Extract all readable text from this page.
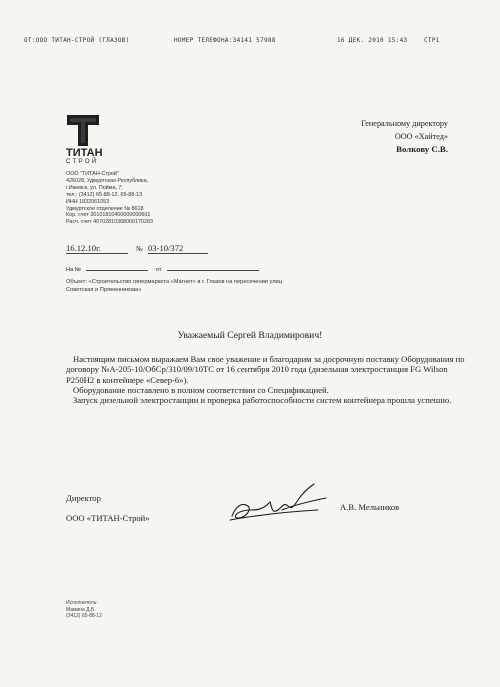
ОТ:ООО ТИТАН-СТРОЙ (ГЛАЗОВ)	НОМЕР ТЕЛЕФОНА:34141 57988	16 ДЕК. 2010 15:43	СТР1
ТИТАН
СТРОЙ
ООО "ТИТАН-Строй"
426028, Удмуртская Республика,
г.Ижевск, ул. Пойма, 7;
тел.: (3412) 65-88-12, 65-88-13
ИНН 1832061053
Удмуртское отделение № 8618
Кор. счет 30101810400000000601
Расч. счет 40702810368000170283
Генеральному директору
ООО «Хайтед»
Волкову С.В.
16.12.10г.	№ 03-10/372
На №	от
Объект: «Строительство гипермаркета «Магнит» в г. Глазов на пересечении улиц Советская и Пряженникова»
Уважаемый Сергей Владимирович!

Настоящим письмом выражаем Вам свое уважение и благодарим за досрочную поставку Оборудования по договору №А-205-10/ОбСр/310/09/10ТС от 16 сентября 2010 года (дизельная электростанция FG Wilson P250H2 в контейнере «Север-6»).

Оборудование поставлено в полном соответствии со Спецификацией.

Запуск дизельной электростанции и проверка работоспособности систем контейнера прошла успешно.

Директор
ООО «ТИТАН-Строй»
А.В. Мельников
Исполнитель:
Мамина Д.Б.
(3412) 65-88-12
